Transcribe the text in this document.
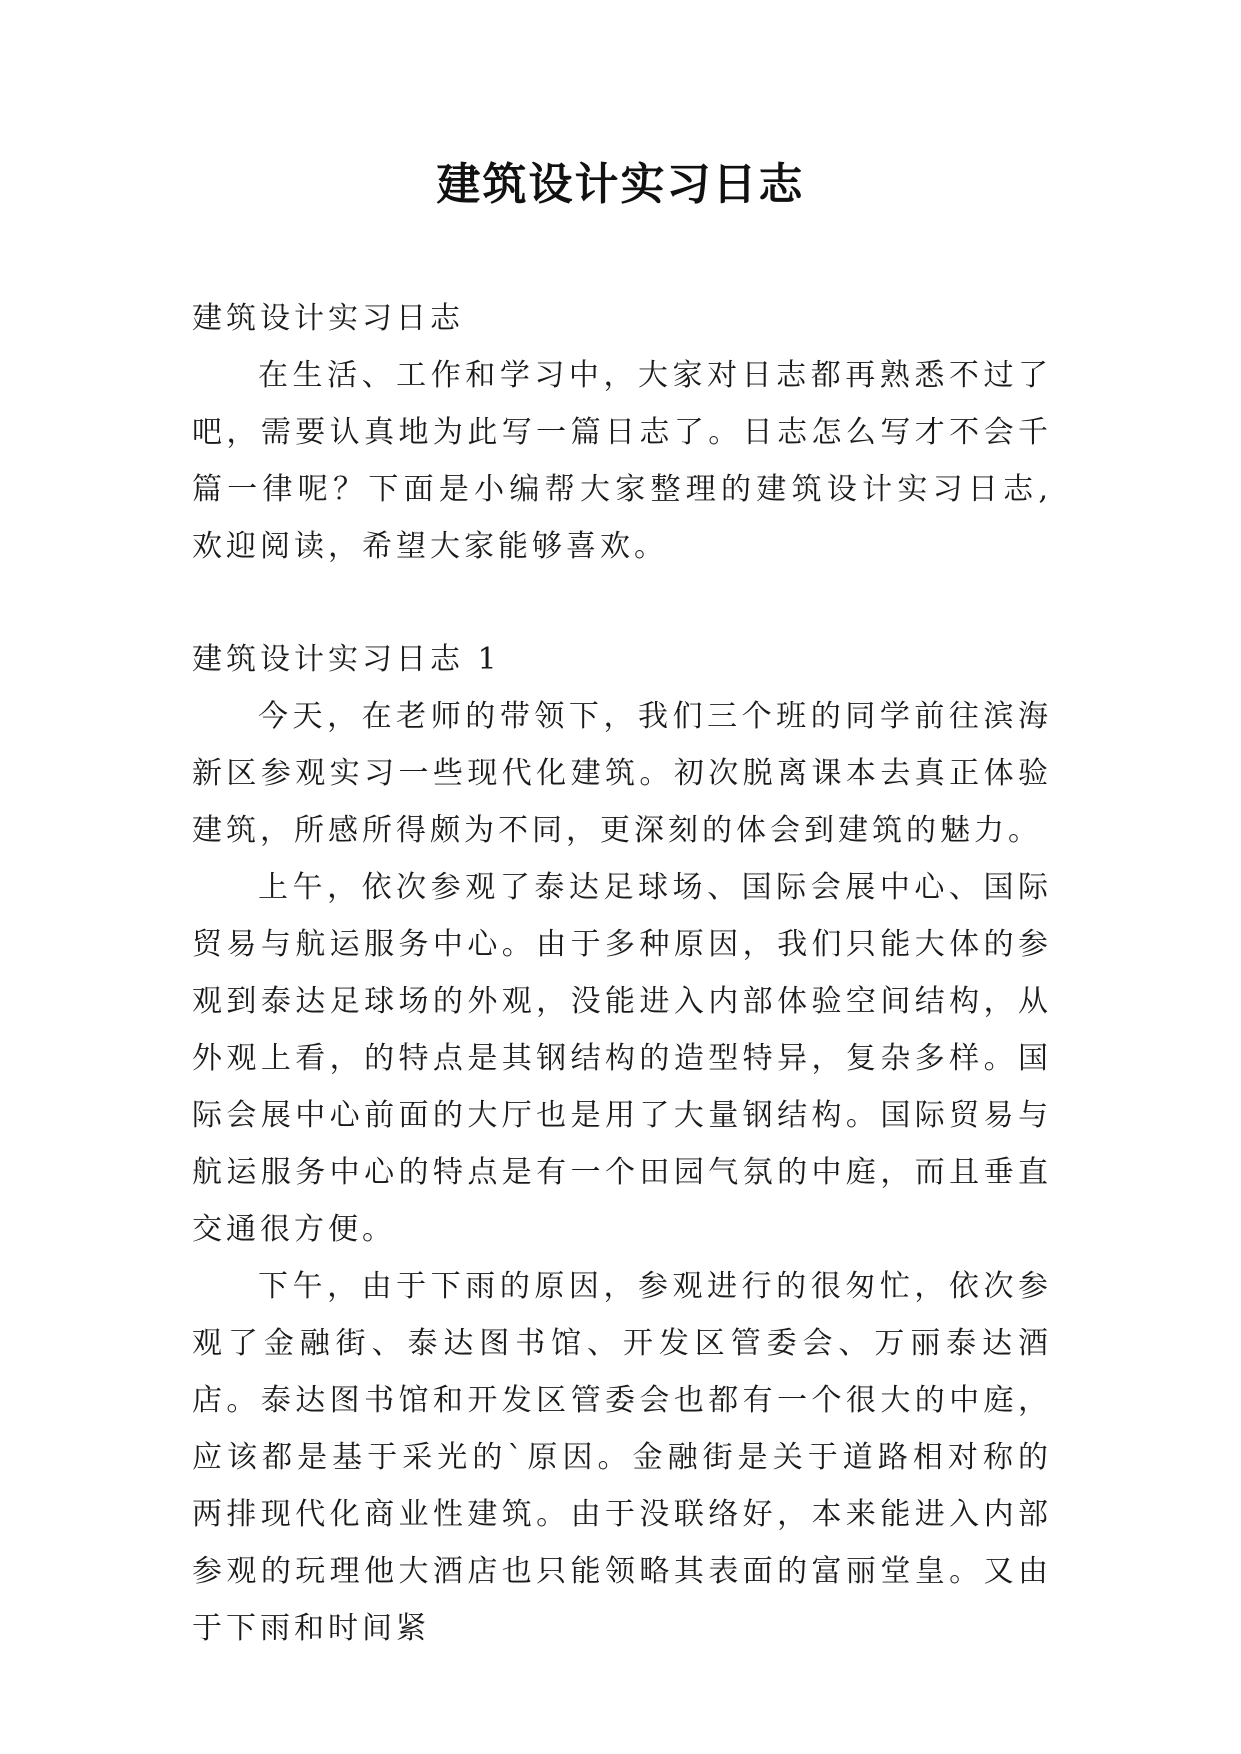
建筑设计实习日志

建筑设计实习日志

在生活、工作和学习中，大家对日志都再熟悉不过了吧，需要认真地为此写一篇日志了。日志怎么写才不会千篇一律呢？下面是小编帮大家整理的建筑设计实习日志,欢迎阅读，希望大家能够喜欢。

建筑设计实习日志 1

今天，在老师的带领下，我们三个班的同学前往滨海新区参观实习一些现代化建筑。初次脱离课本去真正体验建筑，所感所得颇为不同，更深刻的体会到建筑的魅力。

上午，依次参观了泰达足球场、国际会展中心、国际贸易与航运服务中心。由于多种原因，我们只能大体的参观到泰达足球场的外观，没能进入内部体验空间结构，从外观上看，的特点是其钢结构的造型特异，复杂多样。国际会展中心前面的大厅也是用了大量钢结构。国际贸易与航运服务中心的特点是有一个田园气氛的中庭，而且垂直交通很方便。

下午，由于下雨的原因，参观进行的很匆忙，依次参观了金融街、泰达图书馆、开发区管委会、万丽泰达酒店。泰达图书馆和开发区管委会也都有一个很大的中庭，应该都是基于采光的`原因。金融街是关于道路相对称的两排现代化商业性建筑。由于没联络好，本来能进入内部参观的玩理他大酒店也只能领略其表面的富丽堂皇。又由于下雨和时间紧
